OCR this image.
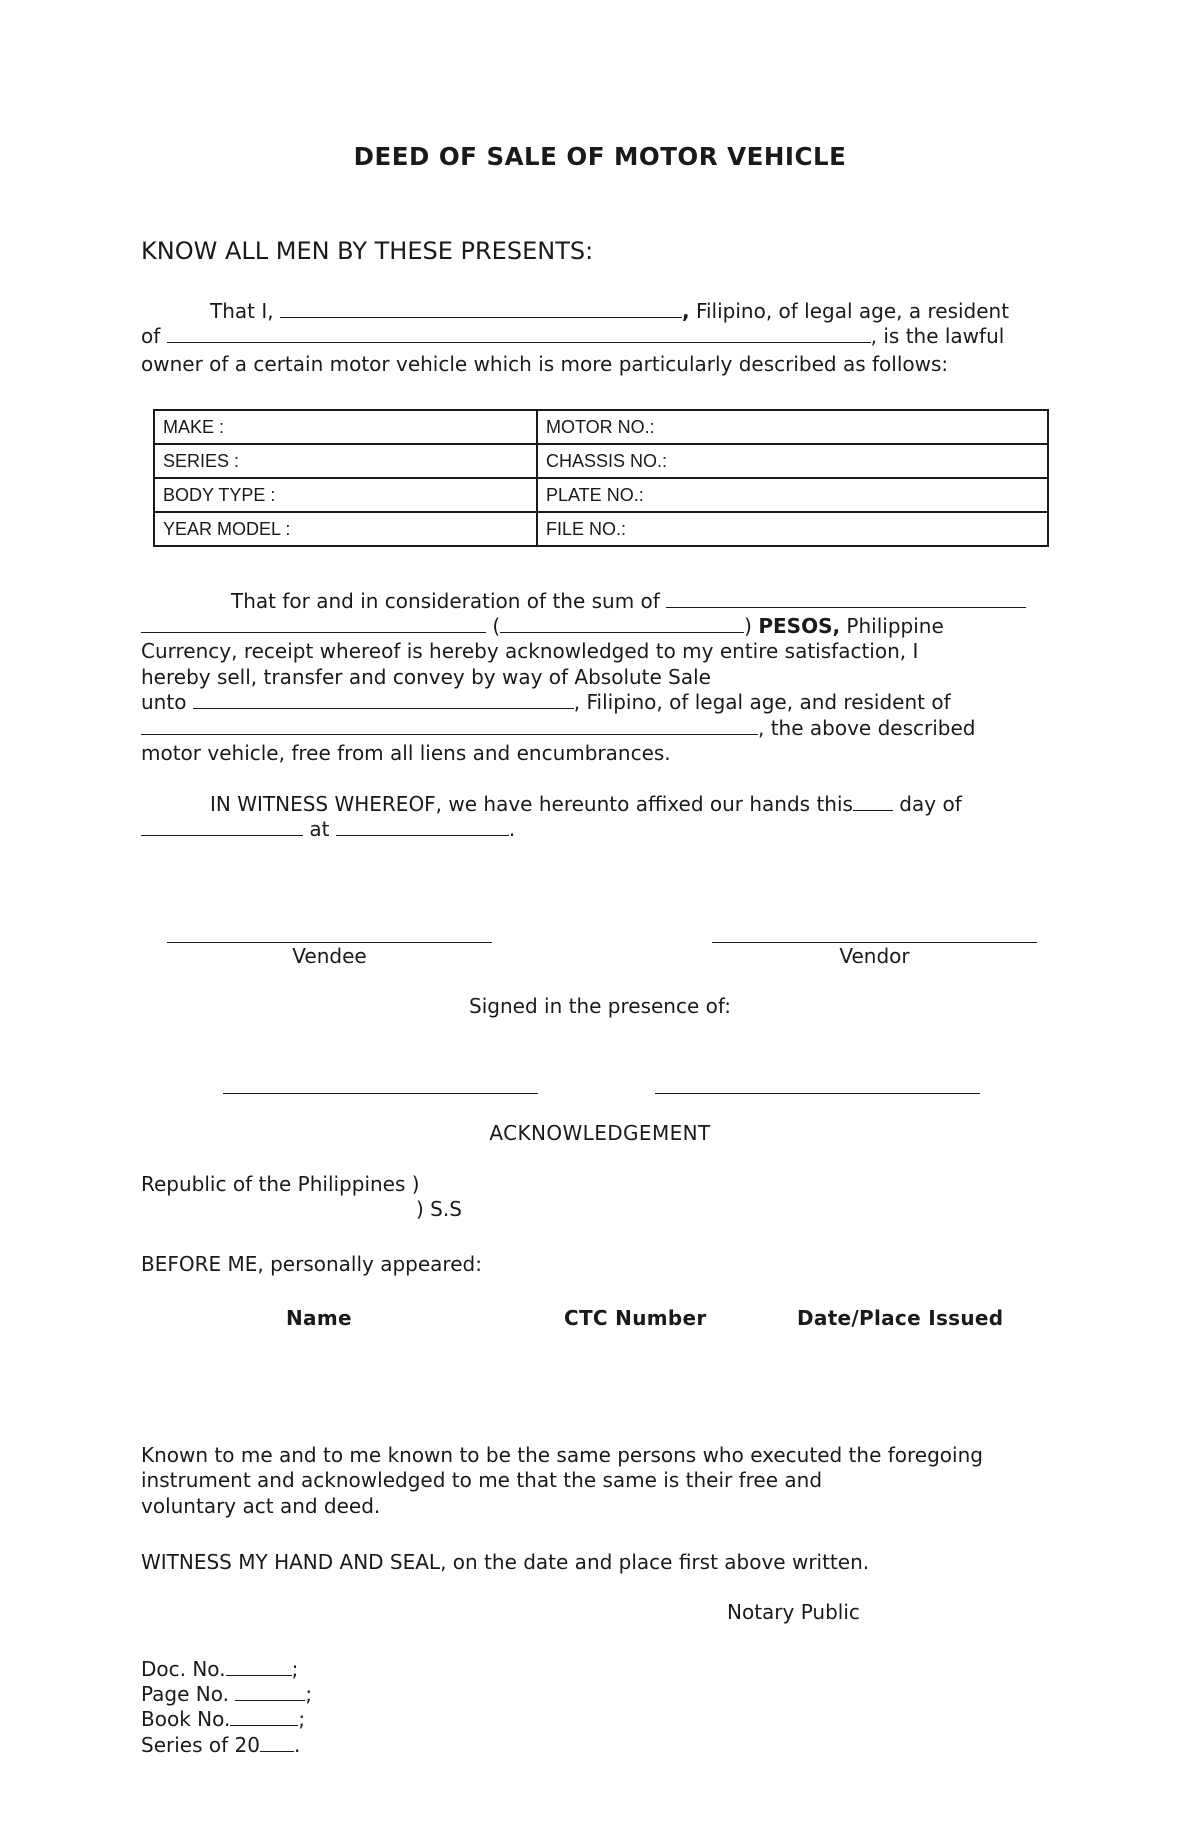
DEED OF SALE OF MOTOR VEHICLE
KNOW ALL MEN BY THESE PRESENTS:
That I,	, Filipino, of legal age, a resident
of	, is the lawful
owner of a certain motor vehicle which is more particularly described as follows:
MAKE :	MOTOR NO.:
SERIES :	CHASSIS NO.:
BODY TYPE :	PLATE NO.:
YEAR MODEL :	FILE NO.:
That for and in consideration of the sum of
(	) PESOS, Philippine
Currency, receipt whereof is hereby acknowledged to my entire satisfaction, I
hereby sell, transfer and convey by way of Absolute Sale
unto	, Filipino, of legal age, and resident of
, the above described
motor vehicle, free from all liens and encumbrances.
IN WITNESS WHEREOF, we have hereunto affixed our hands this day of
at	.
Vendee	Vendor
Signed in the presence of:
ACKNOWLEDGEMENT
Republic of the Philippines )
) S.S
BEFORE ME, personally appeared:
Name	CTC Number	Date/Place Issued
Known to me and to me known to be the same persons who executed the foregoing
instrument and acknowledged to me that the same is their free and
voluntary act and deed.
WITNESS MY HAND AND SEAL, on the date and place first above written.
Notary Public
Doc. No.	;
Page No.	;
Book No.	;
Series of 20 .
